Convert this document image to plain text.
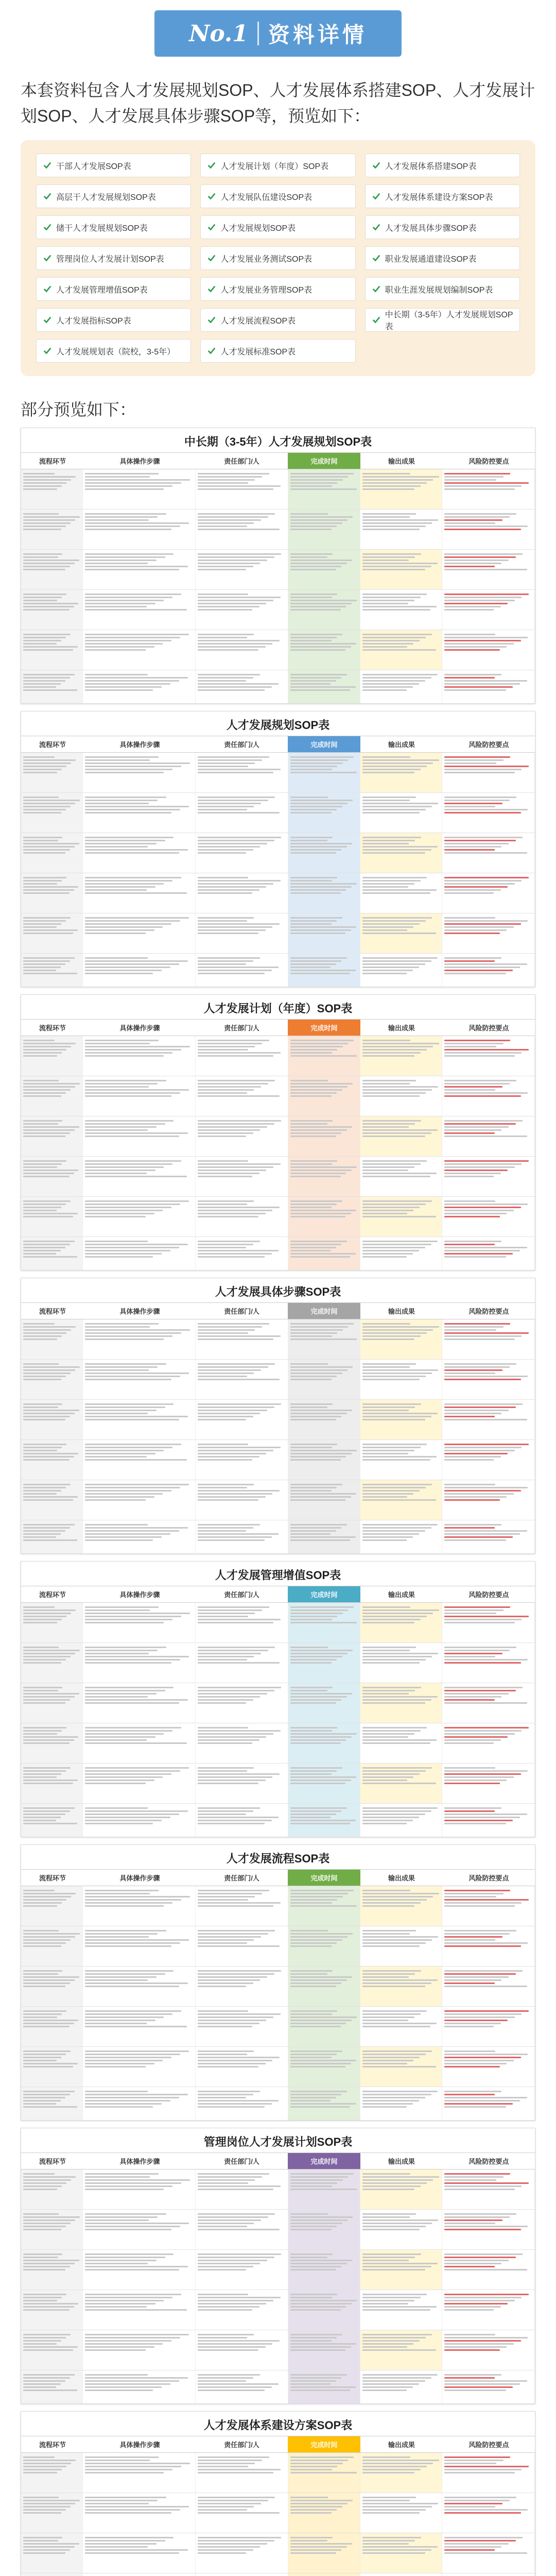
No.1 资料详情
本套资料包含人才发展规划SOP、人才发展体系搭建SOP、人才发展计划SOP、人才发展具体步骤SOP等，预览如下：
干部人才发展SOP表	人才发展计划（年度）SOP表	人才发展体系搭建SOP表
高层干人才发展规划SOP表	人才发展队伍建设SOP表	人才发展体系建设方案SOP表
储干人才发展规划SOP表	人才发展规划SOP表	人才发展具体步骤SOP表
管理岗位人才发展计划SOP表	人才发展业务测试SOP表	职业发展通道建设SOP表
人才发展管理增值SOP表	人才发展业务管理SOP表	职业生涯发展规划编制SOP表
人才发展指标SOP表	人才发展流程SOP表
中长期（3-5年）人才发展规划SOP表
人才发展规划表（院校，3-5年）	人才发展标准SOP表
部分预览如下：
中长期（3-5年）人才发展规划SOP表
流程环节	具体操作步骤	责任部门/人	完成时间	输出成果	风险防控要点
人才发展规划SOP表
流程环节	具体操作步骤	责任部门/人	完成时间	输出成果	风险防控要点
人才发展计划（年度）SOP表
流程环节	具体操作步骤	责任部门/人	完成时间	输出成果	风险防控要点
人才发展具体步骤SOP表
流程环节	具体操作步骤	责任部门/人	完成时间	输出成果	风险防控要点
人才发展管理增值SOP表
流程环节	具体操作步骤	责任部门/人	完成时间	输出成果	风险防控要点
人才发展流程SOP表
流程环节	具体操作步骤	责任部门/人	完成时间	输出成果	风险防控要点
管理岗位人才发展计划SOP表
流程环节	具体操作步骤	责任部门/人	完成时间	输出成果	风险防控要点
人才发展体系建设方案SOP表
流程环节	具体操作步骤	责任部门/人	完成时间	输出成果	风险防控要点
